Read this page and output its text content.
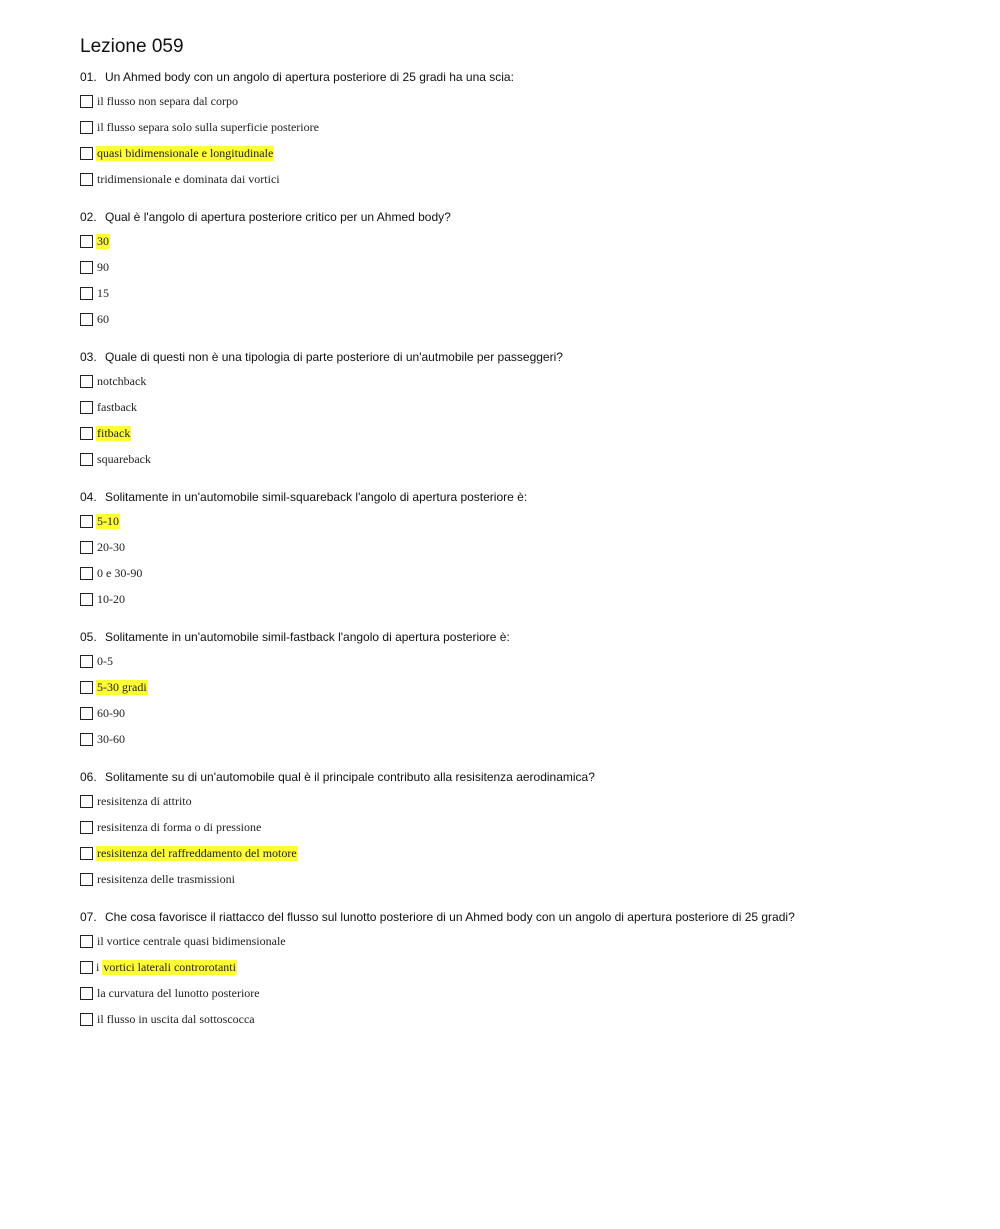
Lezione 059
01. Un Ahmed body con un angolo di apertura posteriore di 25 gradi ha una scia:
il flusso non separa dal corpo
il flusso separa solo sulla superficie posteriore
quasi bidimensionale e longitudinale
tridimensionale e dominata dai vortici
02. Qual è l'angolo di apertura posteriore critico per un Ahmed body?
30
90
15
60
03. Quale di questi non è una tipologia di parte posteriore di un'autmobile per passeggeri?
notchback
fastback
fitback
squareback
04. Solitamente in un'automobile simil-squareback l'angolo di apertura posteriore è:
5-10
20-30
0 e 30-90
10-20
05. Solitamente in un'automobile simil-fastback l'angolo di apertura posteriore è:
0-5
5-30 gradi
60-90
30-60
06. Solitamente su di un'automobile qual è il principale contributo alla resisitenza aerodinamica?
resisitenza di attrito
resisitenza di forma o di pressione
resisitenza del raffreddamento del motore
resisitenza delle trasmissioni
07. Che cosa favorisce il riattacco del flusso sul lunotto posteriore di un Ahmed body con un angolo di apertura posteriore di 25 gradi?
il vortice centrale quasi bidimensionale
i vortici laterali controrotanti
la curvatura del lunotto posteriore
il flusso in uscita dal sottoscocca
